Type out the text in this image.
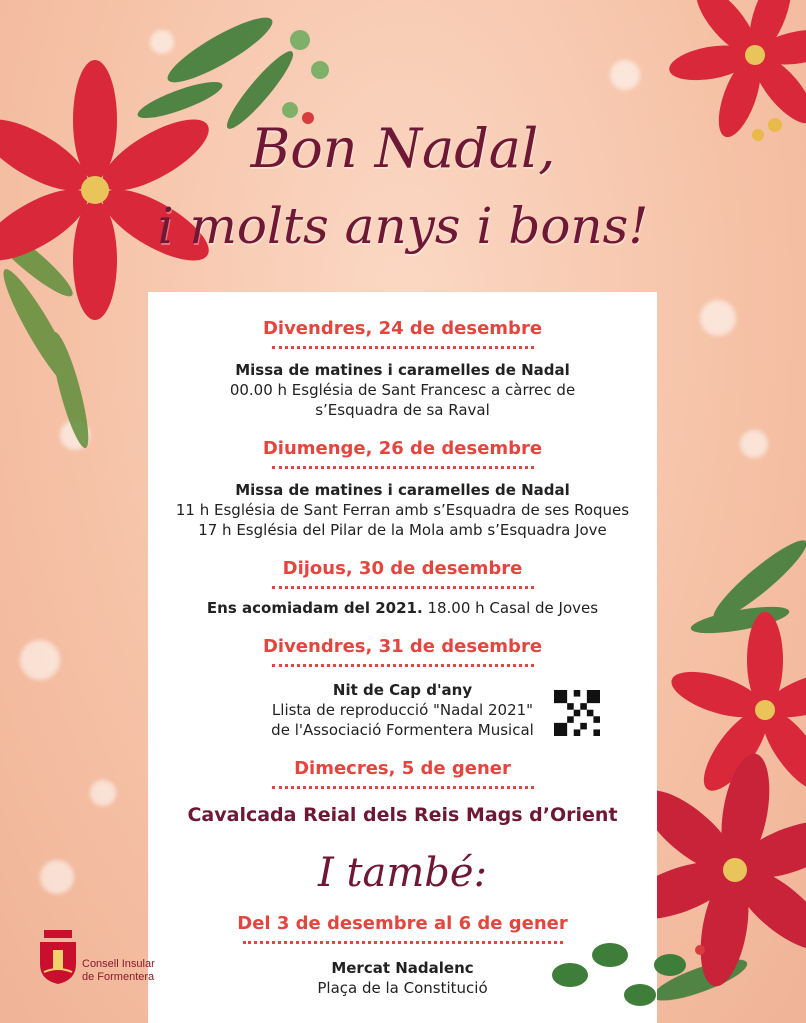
Bon Nadal,
i molts anys i bons!
Divendres, 24 de desembre
Missa de matines i caramelles de Nadal
00.00 h Església de Sant Francesc a càrrec de
s’Esquadra de sa Raval
Diumenge, 26 de desembre
Missa de matines i caramelles de Nadal
11 h Església de Sant Ferran amb s’Esquadra de ses Roques
17 h Església del Pilar de la Mola amb s’Esquadra Jove
Dijous, 30 de desembre
Ens acomiadam del 2021. 18.00 h Casal de Joves
Divendres, 31 de desembre
Nit de Cap d'any
Llista de reproducció "Nadal 2021"
de l'Associació Formentera Musical
Dimecres, 5 de gener
Cavalcada Reial dels Reis Mags d’Orient
I també:
Del 3 de desembre al 6 de gener
Mercat Nadalenc
Plaça de la Constitució
Consell Insular
de Formentera
